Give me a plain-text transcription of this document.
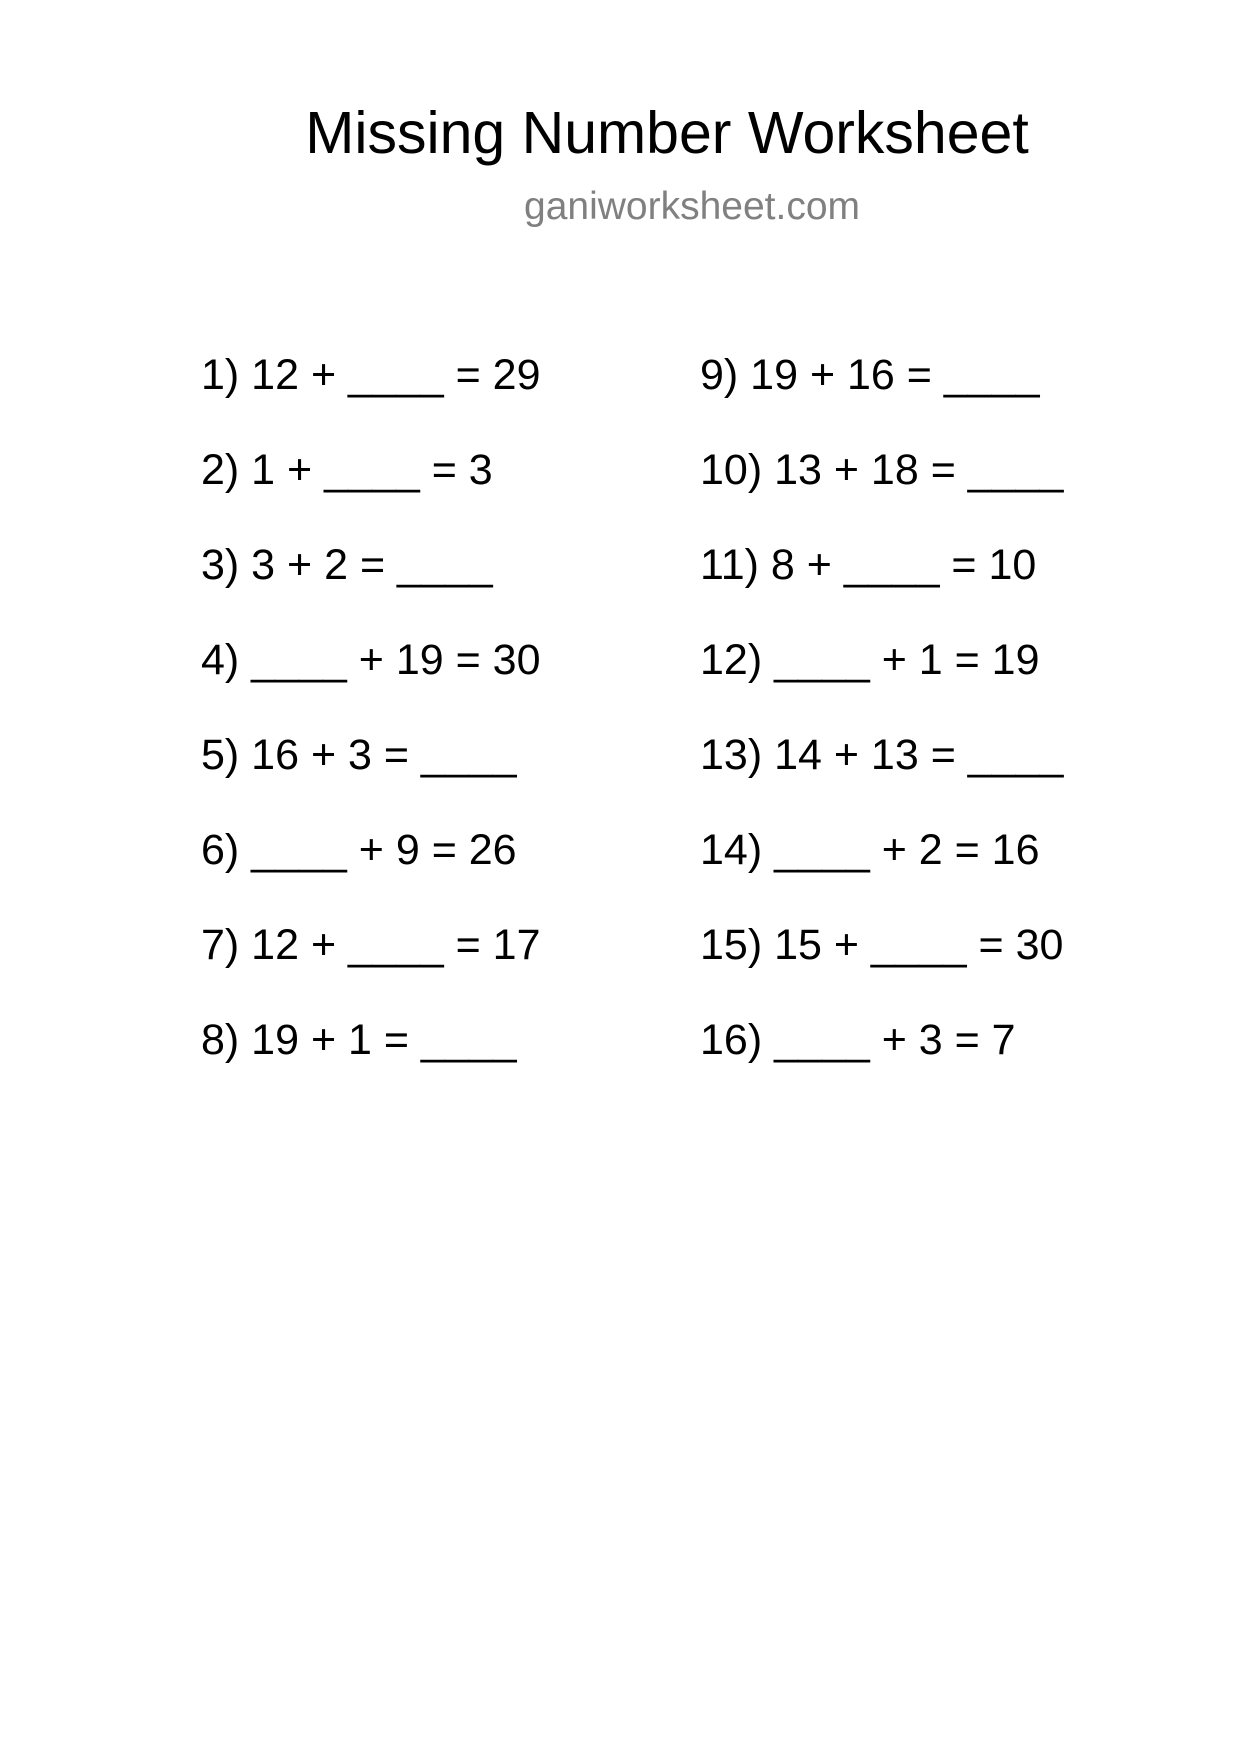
Missing Number Worksheet
ganiworksheet.com
1) 12 + ____ = 29
2) 1 + ____ = 3
3) 3 + 2 = ____
4) ____ + 19 = 30
5) 16 + 3 = ____
6) ____ + 9 = 26
7) 12 + ____ = 17
8) 19 + 1 = ____
9) 19 + 16 = ____
10) 13 + 18 = ____
11) 8 + ____ = 10
12) ____ + 1 = 19
13) 14 + 13 = ____
14) ____ + 2 = 16
15) 15 + ____ = 30
16) ____ + 3 = 7
